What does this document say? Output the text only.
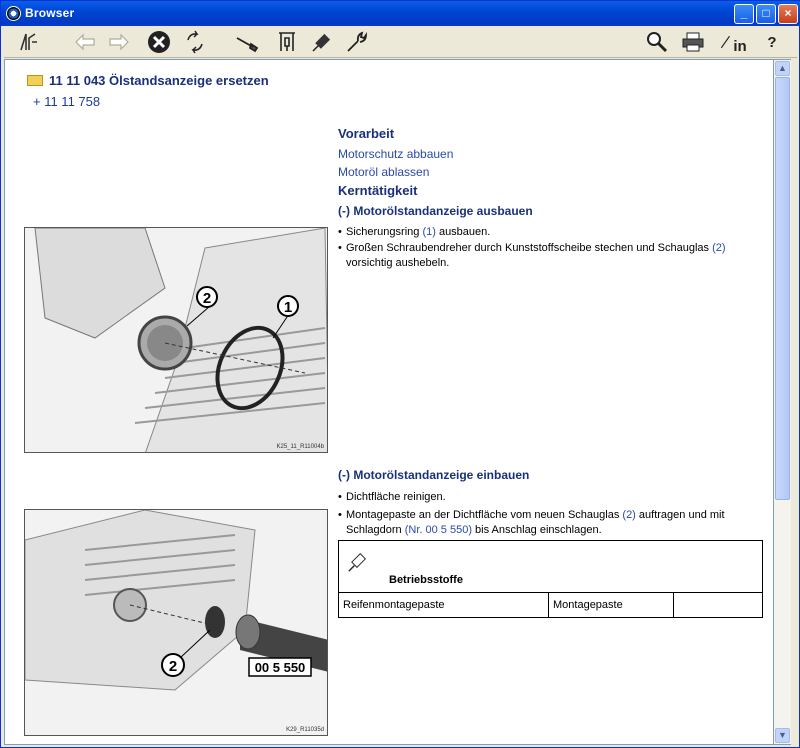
Browser	_	□	×
in	?
11 11 043 Ölstandsanzeige ersetzen
+ 11 11 758
Vorarbeit
Motorschutz abbauen
Motoröl ablassen
Kerntätigkeit
(-) Motorölstandanzeige ausbauen
• Sicherungsring (1) ausbauen.
• Großen Schraubendreher durch Kunststoffscheibe stechen und Schauglas (2)
vorsichtig aushebeln.
2
1
K25_11_R11004b
(-) Motorölstandanzeige einbauen
• Dichtfläche reinigen.
• Montagepaste an der Dichtfläche vom neuen Schauglas (2) auftragen und mit
Schlagdorn (Nr. 00 5 550) bis Anschlag einschlagen.
Betriebsstoffe

Reifenmontagepaste	Montagepaste	
2	00 5 550
K29_R11035d
▲
▼
